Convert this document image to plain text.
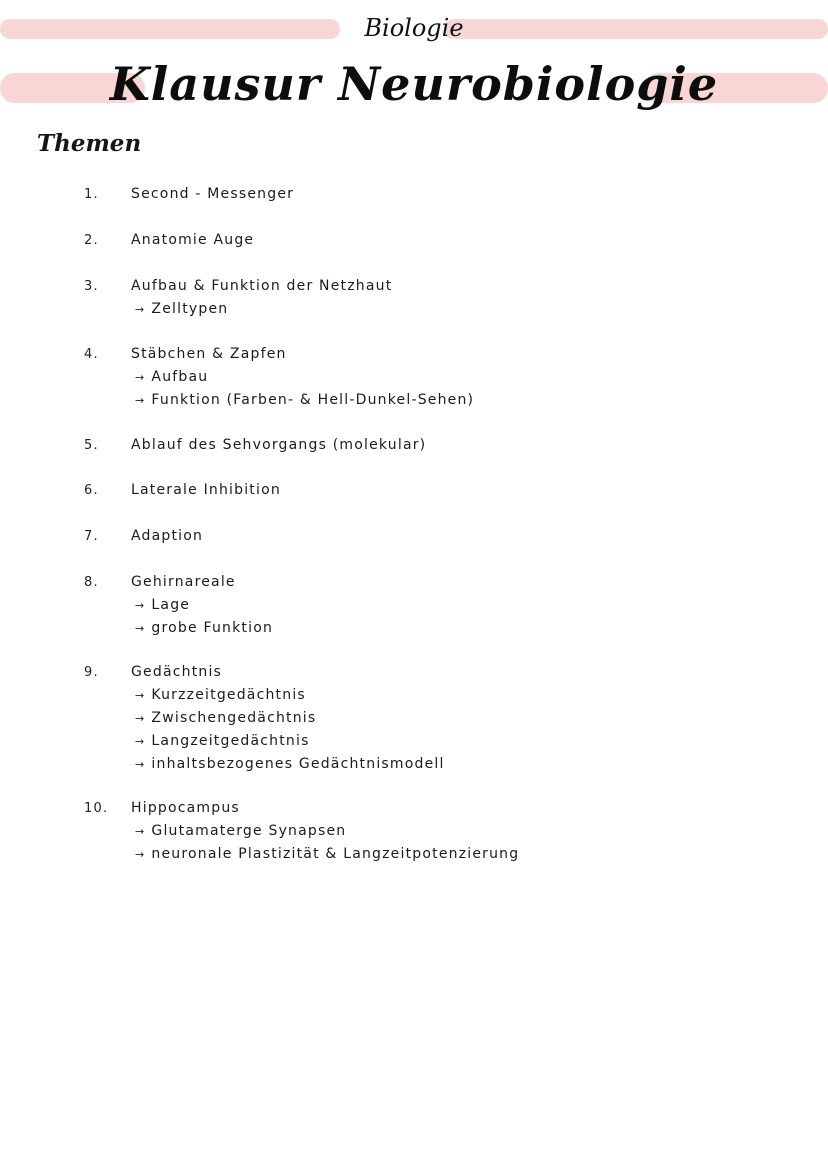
Biologie
Klausur Neurobiologie
Themen
1.	Second - Messenger
2.	Anatomie Auge
3.	Aufbau & Funktion der Netzhaut
→ Zelltypen
4.	Stäbchen & Zapfen
→ Aufbau
→ Funktion (Farben- & Hell-Dunkel-Sehen)
5.	Ablauf des Sehvorgangs (molekular)
6.	Laterale Inhibition
7.	Adaption
8.	Gehirnareale
→ Lage
→ grobe Funktion
9.	Gedächtnis
→ Kurzzeitgedächtnis
→ Zwischengedächtnis
→ Langzeitgedächtnis
→ inhaltsbezogenes Gedächtnismodell
10.	Hippocampus
→ Glutamaterge Synapsen
→ neuronale Plastizität & Langzeitpotenzierung
